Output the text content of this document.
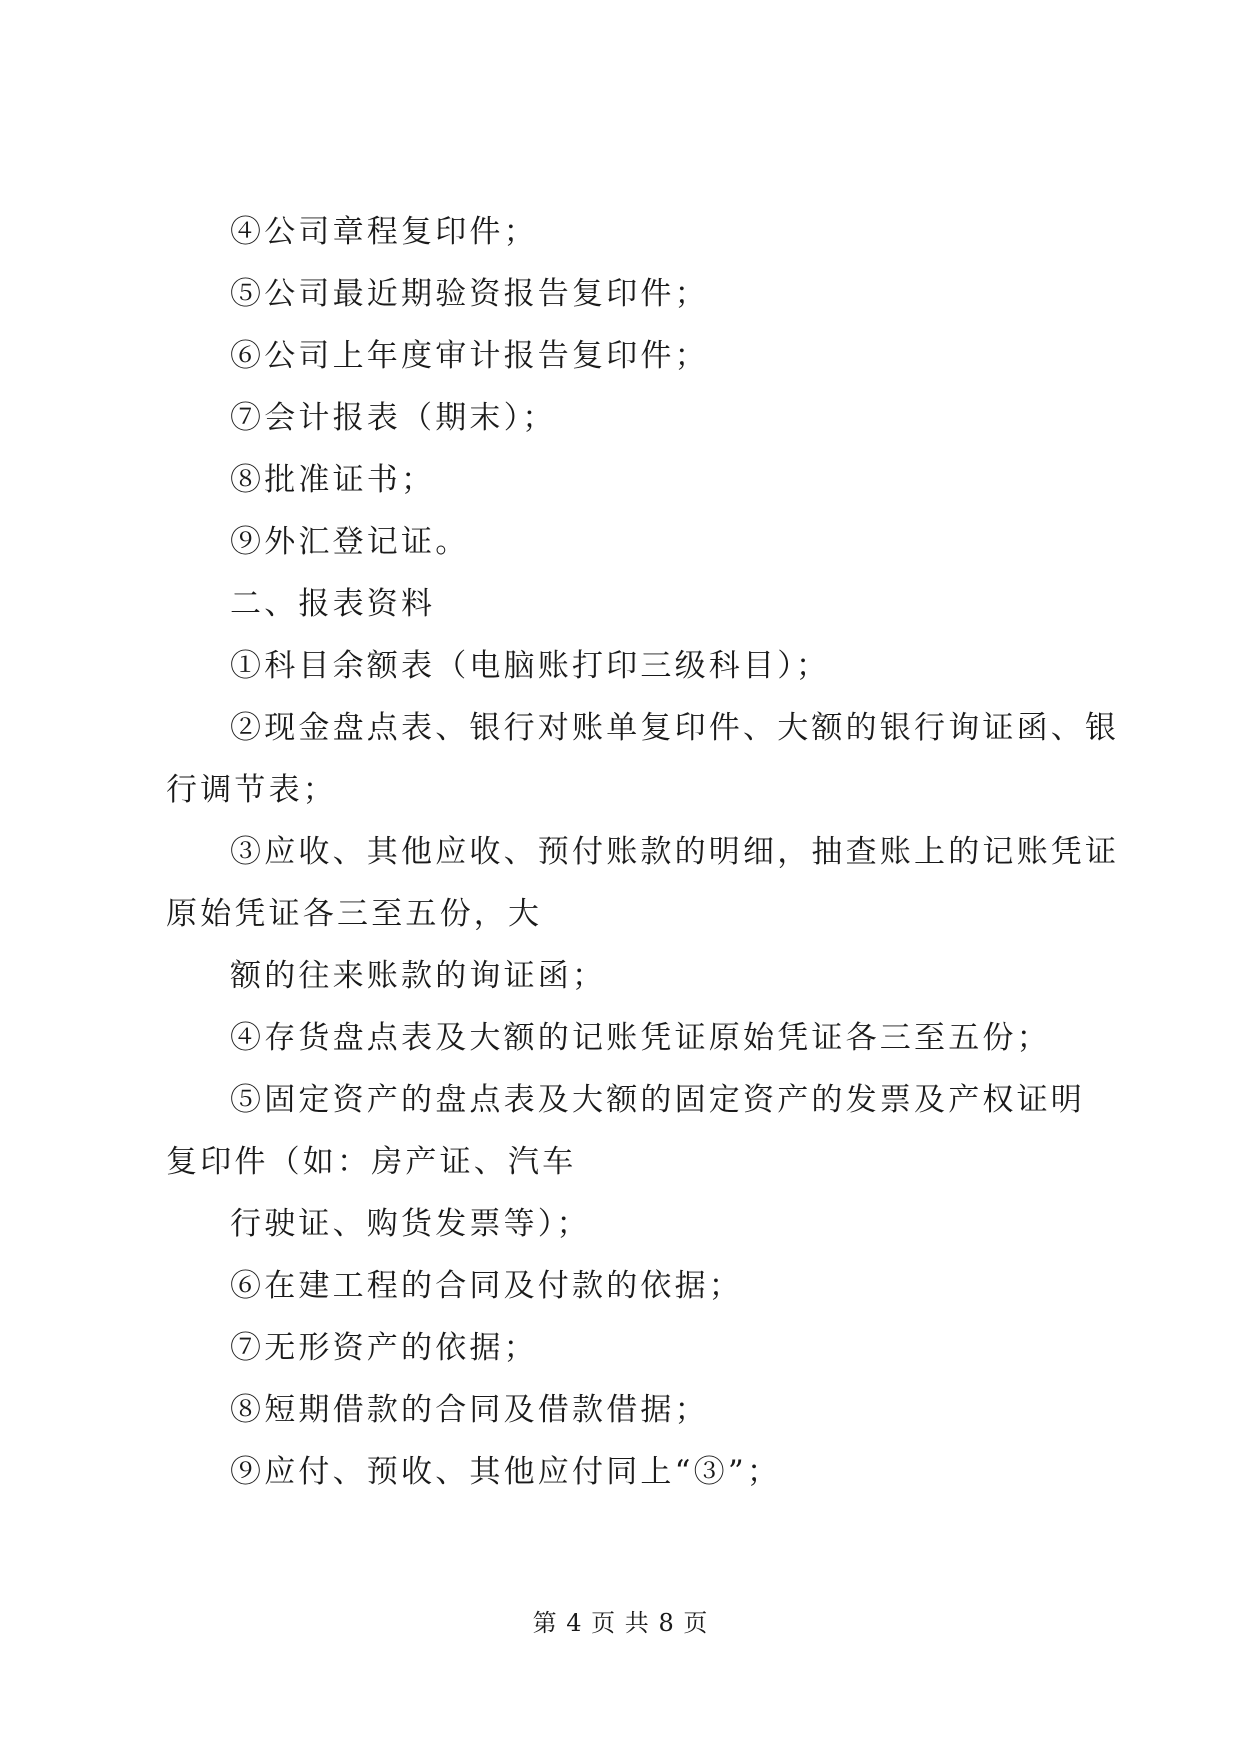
④公司章程复印件；
⑤公司最近期验资报告复印件；
⑥公司上年度审计报告复印件；
⑦会计报表（期末）；
⑧批准证书；
⑨外汇登记证。
二、报表资料
①科目余额表（电脑账打印三级科目）；
②现金盘点表、银行对账单复印件、大额的银行询证函、银
行调节表；
③应收、其他应收、预付账款的明细，抽查账上的记账凭证
原始凭证各三至五份，大
额的往来账款的询证函；
④存货盘点表及大额的记账凭证原始凭证各三至五份；
⑤固定资产的盘点表及大额的固定资产的发票及产权证明
复印件（如：房产证、汽车
行驶证、购货发票等）；
⑥在建工程的合同及付款的依据；
⑦无形资产的依据；
⑧短期借款的合同及借款借据；
⑨应付、预收、其他应付同上“③”；
第 4 页 共 8 页
